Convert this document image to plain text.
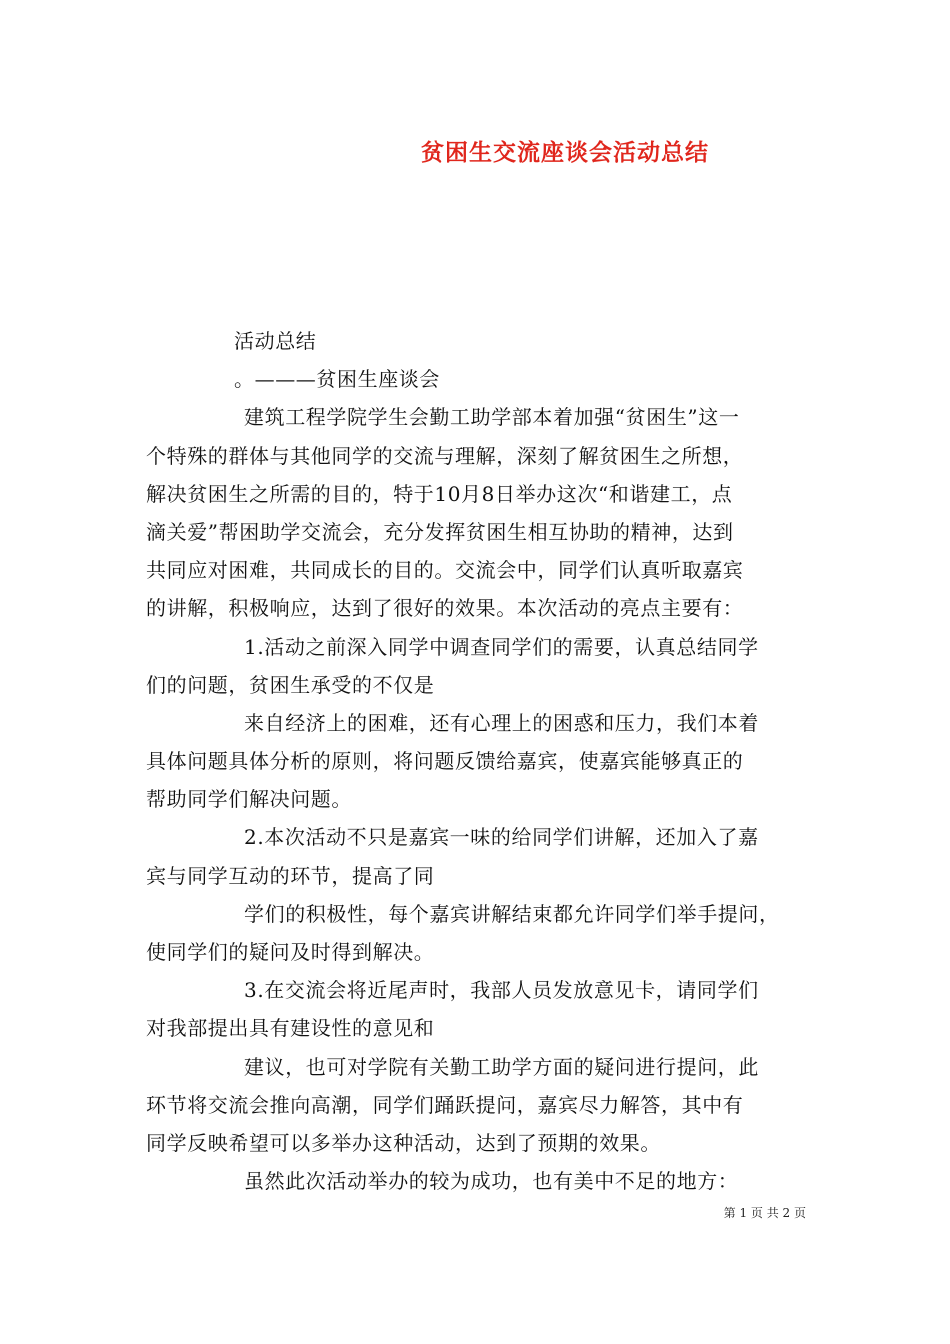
贫困生交流座谈会活动总结
活动总结
。———贫困生座谈会
建筑工程学院学生会勤工助学部本着加强“贫困生”这一
个特殊的群体与其他同学的交流与理解，深刻了解贫困生之所想，
解决贫困生之所需的目的，特于10月8日举办这次“和谐建工，点
滴关爱”帮困助学交流会，充分发挥贫困生相互协助的精神，达到
共同应对困难，共同成长的目的。交流会中，同学们认真听取嘉宾
的讲解，积极响应，达到了很好的效果。本次活动的亮点主要有：
1.活动之前深入同学中调查同学们的需要，认真总结同学
们的问题，贫困生承受的不仅是
来自经济上的困难，还有心理上的困惑和压力，我们本着
具体问题具体分析的原则，将问题反馈给嘉宾，使嘉宾能够真正的
帮助同学们解决问题。
2.本次活动不只是嘉宾一味的给同学们讲解，还加入了嘉
宾与同学互动的环节，提高了同
学们的积极性，每个嘉宾讲解结束都允许同学们举手提问，
使同学们的疑问及时得到解决。
3.在交流会将近尾声时，我部人员发放意见卡，请同学们
对我部提出具有建设性的意见和
建议，也可对学院有关勤工助学方面的疑问进行提问，此
环节将交流会推向高潮，同学们踊跃提问，嘉宾尽力解答，其中有
同学反映希望可以多举办这种活动，达到了预期的效果。
虽然此次活动举办的较为成功，也有美中不足的地方：
第 1 页 共 2 页
